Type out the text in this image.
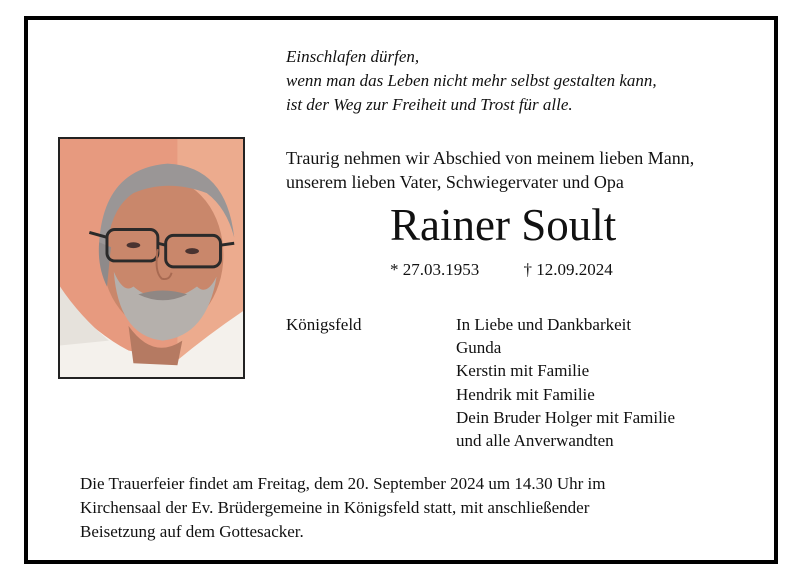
Einschlafen dürfen,
wenn man das Leben nicht mehr selbst gestalten kann,
ist der Weg zur Freiheit und Trost für alle.
Traurig nehmen wir Abschied von meinem lieben Mann,
unserem lieben Vater, Schwiegervater und Opa
Rainer Soult
* 27.03.1953	† 12.09.2024
Königsfeld	In Liebe und Dankbarkeit
Gunda
Kerstin mit Familie
Hendrik mit Familie
Dein Bruder Holger mit Familie
und alle Anverwandten
Die Trauerfeier findet am Freitag, dem 20. September 2024 um 14.30 Uhr im
Kirchensaal der Ev. Brüdergemeine in Königsfeld statt, mit anschließender
Beisetzung auf dem Gottesacker.
